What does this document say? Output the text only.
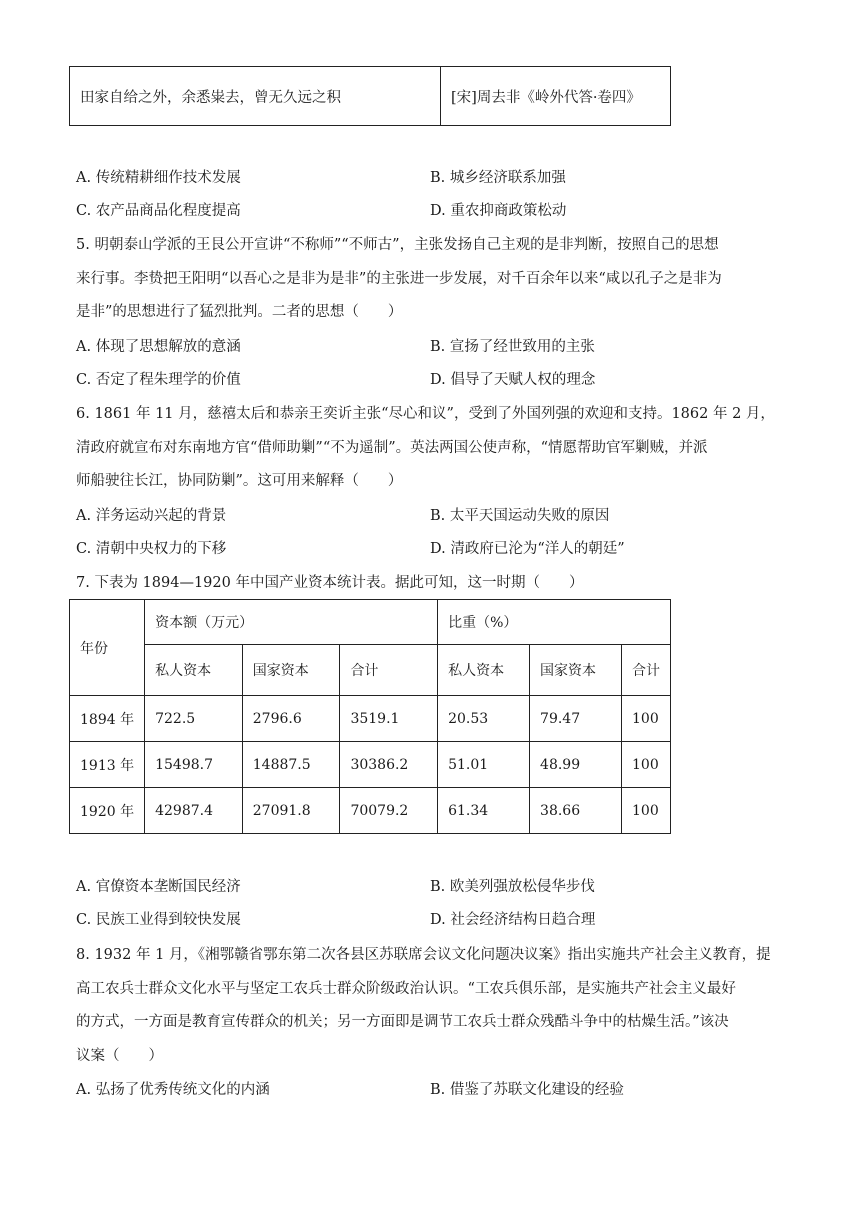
田家自给之外，余悉粜去，曾无久远之积	[宋]周去非《岭外代答·卷四》
A. 传统精耕细作技术发展	B. 城乡经济联系加强
C. 农产品商品化程度提高	D. 重农抑商政策松动
5. 明朝泰山学派的王艮公开宣讲“不称师”“不师古”，主张发扬自己主观的是非判断，按照自己的思想
来行事。李贽把王阳明“以吾心之是非为是非”的主张进一步发展，对千百余年以来“咸以孔子之是非为
是非”的思想进行了猛烈批判。二者的思想（　　）
A. 体现了思想解放的意涵	B. 宣扬了经世致用的主张
C. 否定了程朱理学的价值	D. 倡导了天赋人权的理念
6. 1861 年 11 月，慈禧太后和恭亲王奕䜣主张“尽心和议”，受到了外国列强的欢迎和支持。1862 年 2 月，
清政府就宣布对东南地方官“借师助剿”“不为遥制”。英法两国公使声称，“情愿帮助官军剿贼，并派
师船驶往长江，协同防剿”。这可用来解释（　　）
A. 洋务运动兴起的背景	B. 太平天国运动失败的原因
C. 清朝中央权力的下移	D. 清政府已沦为“洋人的朝廷”
7. 下表为 1894—1920 年中国产业资本统计表。据此可知，这一时期（　　）
年份	资本额（万元）			比重（%）		
	私人资本	国家资本	合计	私人资本	国家资本	合计
1894 年	722.5	2796.6	3519.1	20.53	79.47	100
1913 年	15498.7	14887.5	30386.2	51.01	48.99	100
1920 年	42987.4	27091.8	70079.2	61.34	38.66	100
A. 官僚资本垄断国民经济	B. 欧美列强放松侵华步伐
C. 民族工业得到较快发展	D. 社会经济结构日趋合理
8. 1932 年 1 月，《湘鄂赣省鄂东第二次各县区苏联席会议文化问题决议案》指出实施共产社会主义教育，提
高工农兵士群众文化水平与坚定工农兵士群众阶级政治认识。“工农兵俱乐部，是实施共产社会主义最好
的方式，一方面是教育宣传群众的机关；另一方面即是调节工农兵士群众残酷斗争中的枯燥生活。”该决
议案（　　）
A. 弘扬了优秀传统文化的内涵	B. 借鉴了苏联文化建设的经验
